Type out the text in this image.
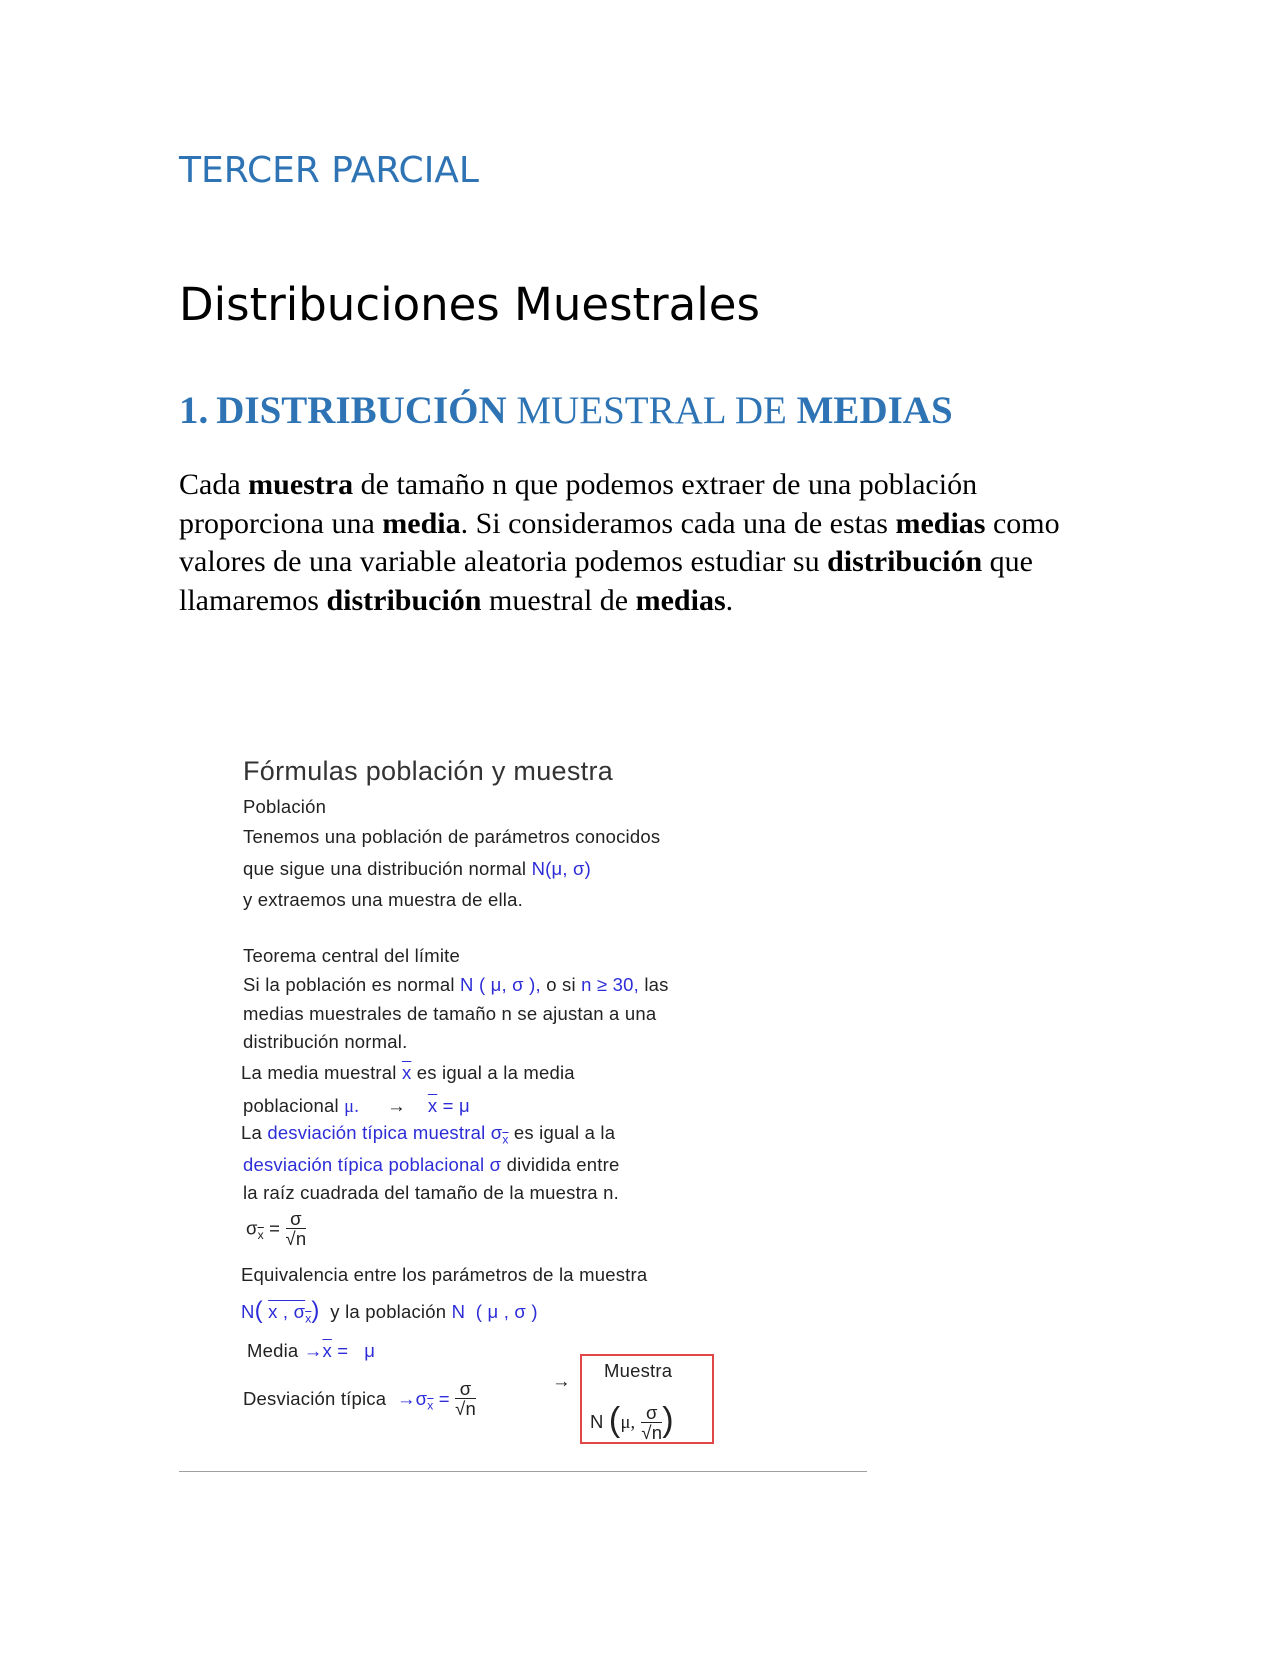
TERCER PARCIAL
Distribuciones Muestrales
1. DISTRIBUCIÓN MUESTRAL DE MEDIAS
Cada muestra de tamaño n que podemos extraer de una población proporciona una media. Si consideramos cada una de estas medias como valores de una variable aleatoria podemos estudiar su distribución que llamaremos distribución muestral de medias.
Fórmulas población y muestra
Población
Tenemos una población de parámetros conocidos
que sigue una distribución normal N(μ, σ)
y extraemos una muestra de ella.
Teorema central del límite
Si la población es normal N ( μ, σ ), o si n ≥ 30, las
medias muestrales de tamaño n se ajustan a una
distribución normal.
La media muestral $\overline{x}$ es igual a la media
poblacional μ. → $\overline{x} = \mu$
La desviación típica muestral $\sigma_{\overline{x}}$ es igual a la
desviación típica poblacional σ dividida entre
la raíz cuadrada del tamaño de la muestra n.
$\sigma_{\overline{x}} = \frac{\sigma}{√n}$
Equivalencia entre los parámetros de la muestra
N( x , $\sigma_{\overline{x}}$)  y la población N  ( μ , σ )
Media $\to\overline{x} = \mu$
Desviación típica  $\to\sigma_{\overline{x}} = \frac{\sigma}{√n}$	→ Muestra
N (μ, $\frac{\sigma}{√n}$ )
